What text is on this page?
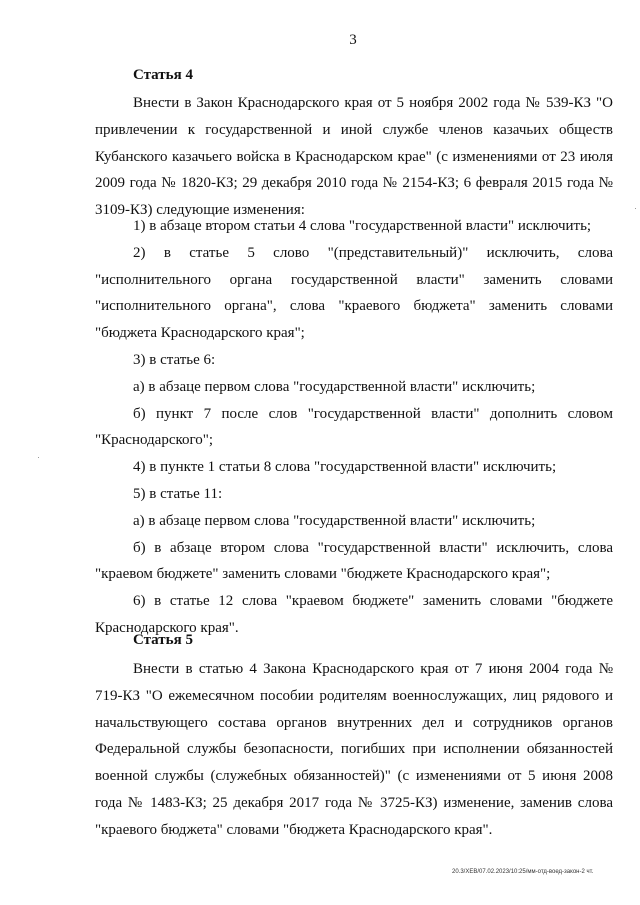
3
Статья 4

Внести в Закон Краснодарского края от 5 ноября 2002 года № 539-КЗ "О привлечении к государственной и иной службе членов казачьих обществ Кубанского казачьего войска в Краснодарском крае" (с изменениями от 23 июля 2009 года № 1820-КЗ; 29 декабря 2010 года № 2154-КЗ; 6 февраля 2015 года № 3109-КЗ) следующие изменения:

1) в абзаце втором статьи 4 слова "государственной власти" исключить;

2) в статье 5 слово "(представительный)" исключить, слова "исполнительного органа государственной власти" заменить словами "исполнительного органа", слова "краевого бюджета" заменить словами "бюджета Краснодарского края";

3) в статье 6:

а) в абзаце первом слова "государственной власти" исключить;

б) пункт 7 после слов "государственной власти" дополнить словом "Краснодарского";

4) в пункте 1 статьи 8 слова "государственной власти" исключить;

5) в статье 11:

а) в абзаце первом слова "государственной власти" исключить;

б) в абзаце втором слова "государственной власти" исключить, слова "краевом бюджете" заменить словами "бюджете Краснодарского края";

6) в статье 12 слова "краевом бюджете" заменить словами "бюджете Краснодарского края".

Статья 5

Внести в статью 4 Закона Краснодарского края от 7 июня 2004 года № 719-КЗ "О ежемесячном пособии родителям военнослужащих, лиц рядового и начальствующего состава органов внутренних дел и сотрудников органов Федеральной службы безопасности, погибших при исполнении обязанностей военной службы (служебных обязанностей)" (с изменениями от 5 июня 2008 года № 1483-КЗ; 25 декабря 2017 года № 3725-КЗ) изменение, заменив слова "краевого бюджета" словами "бюджета Краснодарского края".

20.3/XEB/07.02.2023/10:25/мм-отд-воед-закон-2 чт.
